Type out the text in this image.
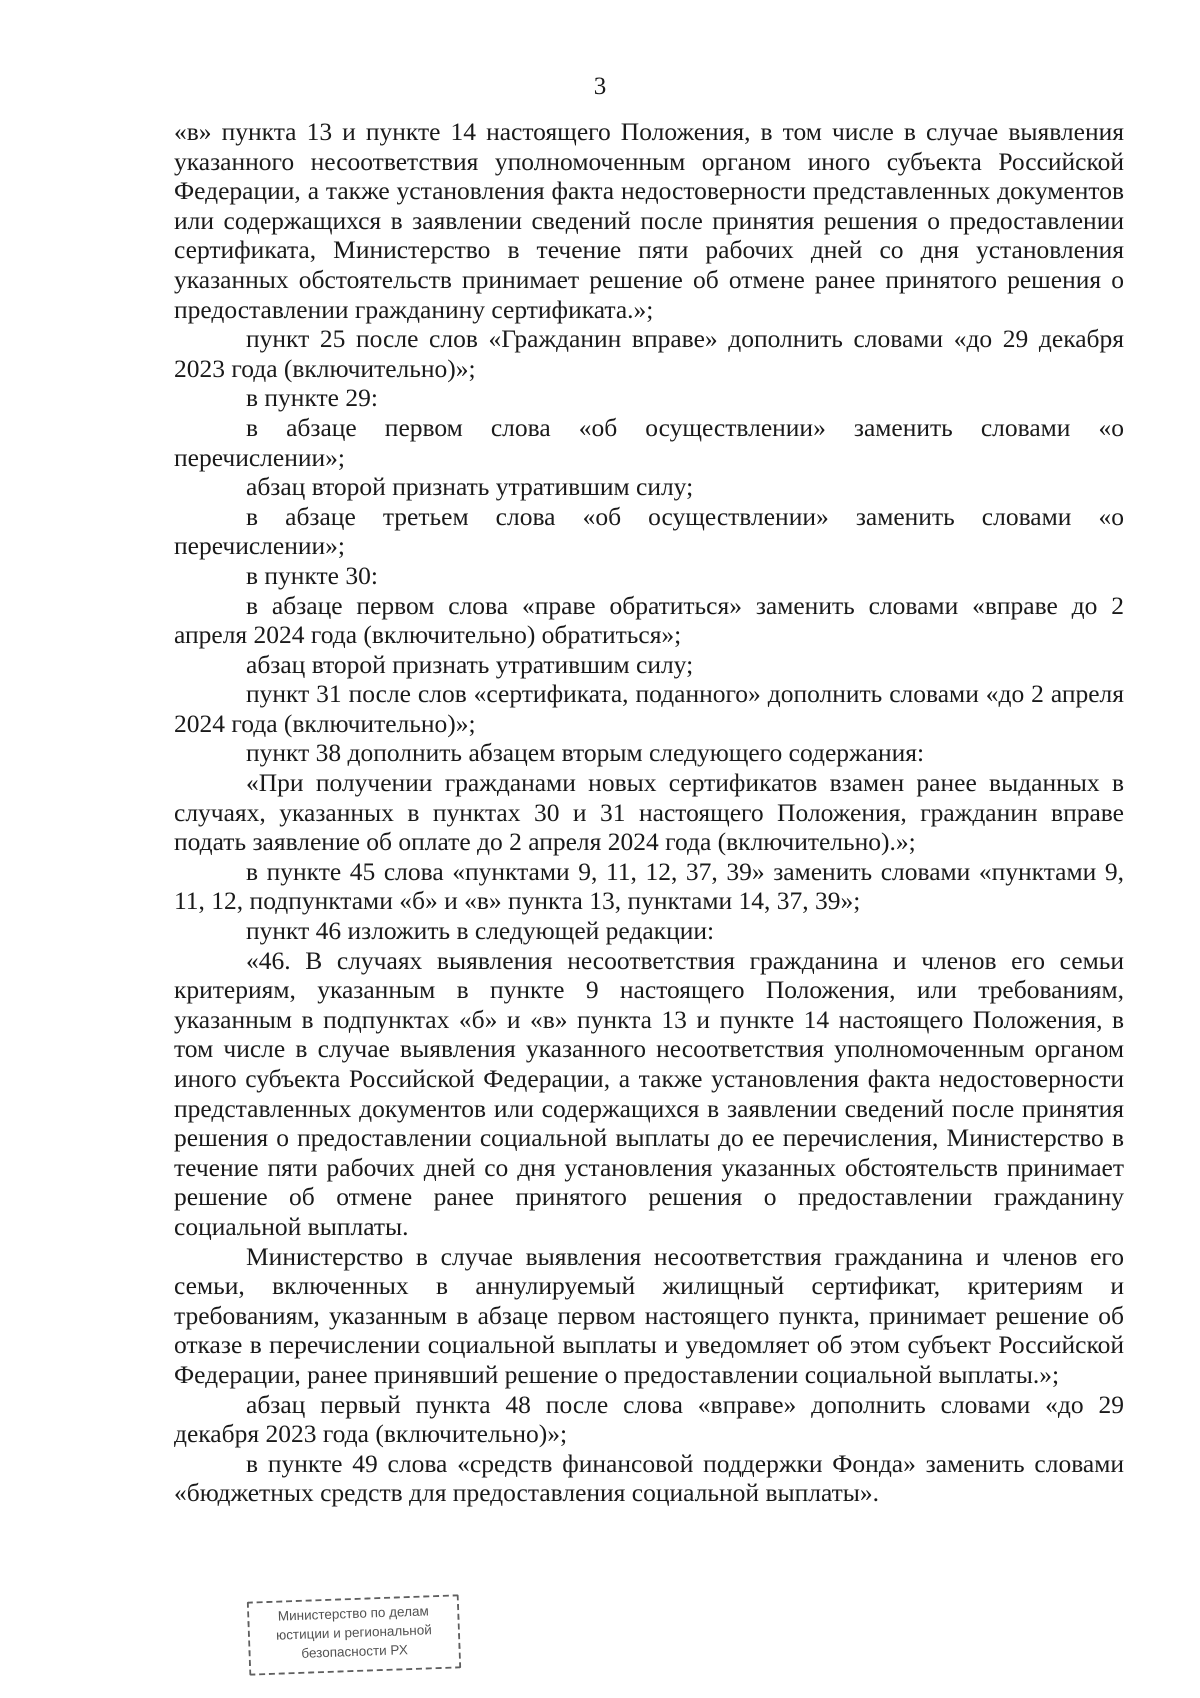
3

«в» пункта 13 и пункте 14 настоящего Положения, в том числе в случае выявления указанного несоответствия уполномоченным органом иного субъекта Российской Федерации, а также установления факта недостоверности представленных документов или содержащихся в заявлении сведений после принятия решения о предоставлении сертификата, Министерство в течение пяти рабочих дней со дня установления указанных обстоятельств принимает решение об отмене ранее принятого решения о предоставлении гражданину сертификата.»;

пункт 25 после слов «Гражданин вправе» дополнить словами «до 29 декабря 2023 года (включительно)»;

в пункте 29:

в абзаце первом слова «об осуществлении» заменить словами «о перечислении»;

абзац второй признать утратившим силу;

в абзаце третьем слова «об осуществлении» заменить словами «о перечислении»;

в пункте 30:

в абзаце первом слова «праве обратиться» заменить словами «вправе до 2 апреля 2024 года (включительно) обратиться»;

абзац второй признать утратившим силу;

пункт 31 после слов «сертификата, поданного» дополнить словами «до 2 апреля 2024 года (включительно)»;

пункт 38 дополнить абзацем вторым следующего содержания:

«При получении гражданами новых сертификатов взамен ранее выданных в случаях, указанных в пунктах 30 и 31 настоящего Положения, гражданин вправе подать заявление об оплате до 2 апреля 2024 года (включительно).»;

в пункте 45 слова «пунктами 9, 11, 12, 37, 39» заменить словами «пунктами 9, 11, 12, подпунктами «б» и «в» пункта 13, пунктами 14, 37, 39»;

пункт 46 изложить в следующей редакции:

«46. В случаях выявления несоответствия гражданина и членов его семьи критериям, указанным в пункте 9 настоящего Положения, или требованиям, указанным в подпунктах «б» и «в» пункта 13 и пункте 14 настоящего Положения, в том числе в случае выявления указанного несоответствия уполномоченным органом иного субъекта Российской Федерации, а также установления факта недостоверности представленных документов или содержащихся в заявлении сведений после принятия решения о предоставлении социальной выплаты до ее перечисления, Министерство в течение пяти рабочих дней со дня установления указанных обстоятельств принимает решение об отмене ранее принятого решения о предоставлении гражданину социальной выплаты.

Министерство в случае выявления несоответствия гражданина и членов его семьи, включенных в аннулируемый жилищный сертификат, критериям и требованиям, указанным в абзаце первом настоящего пункта, принимает решение об отказе в перечислении социальной выплаты и уведомляет об этом субъект Российской Федерации, ранее принявший решение о предоставлении социальной выплаты.»;

абзац первый пункта 48 после слова «вправе» дополнить словами «до 29 декабря 2023 года (включительно)»;

в пункте 49 слова «средств финансовой поддержки Фонда» заменить словами «бюджетных средств для предоставления социальной выплаты».

Министерство по делам
юстиции и региональной
безопасности РХ
